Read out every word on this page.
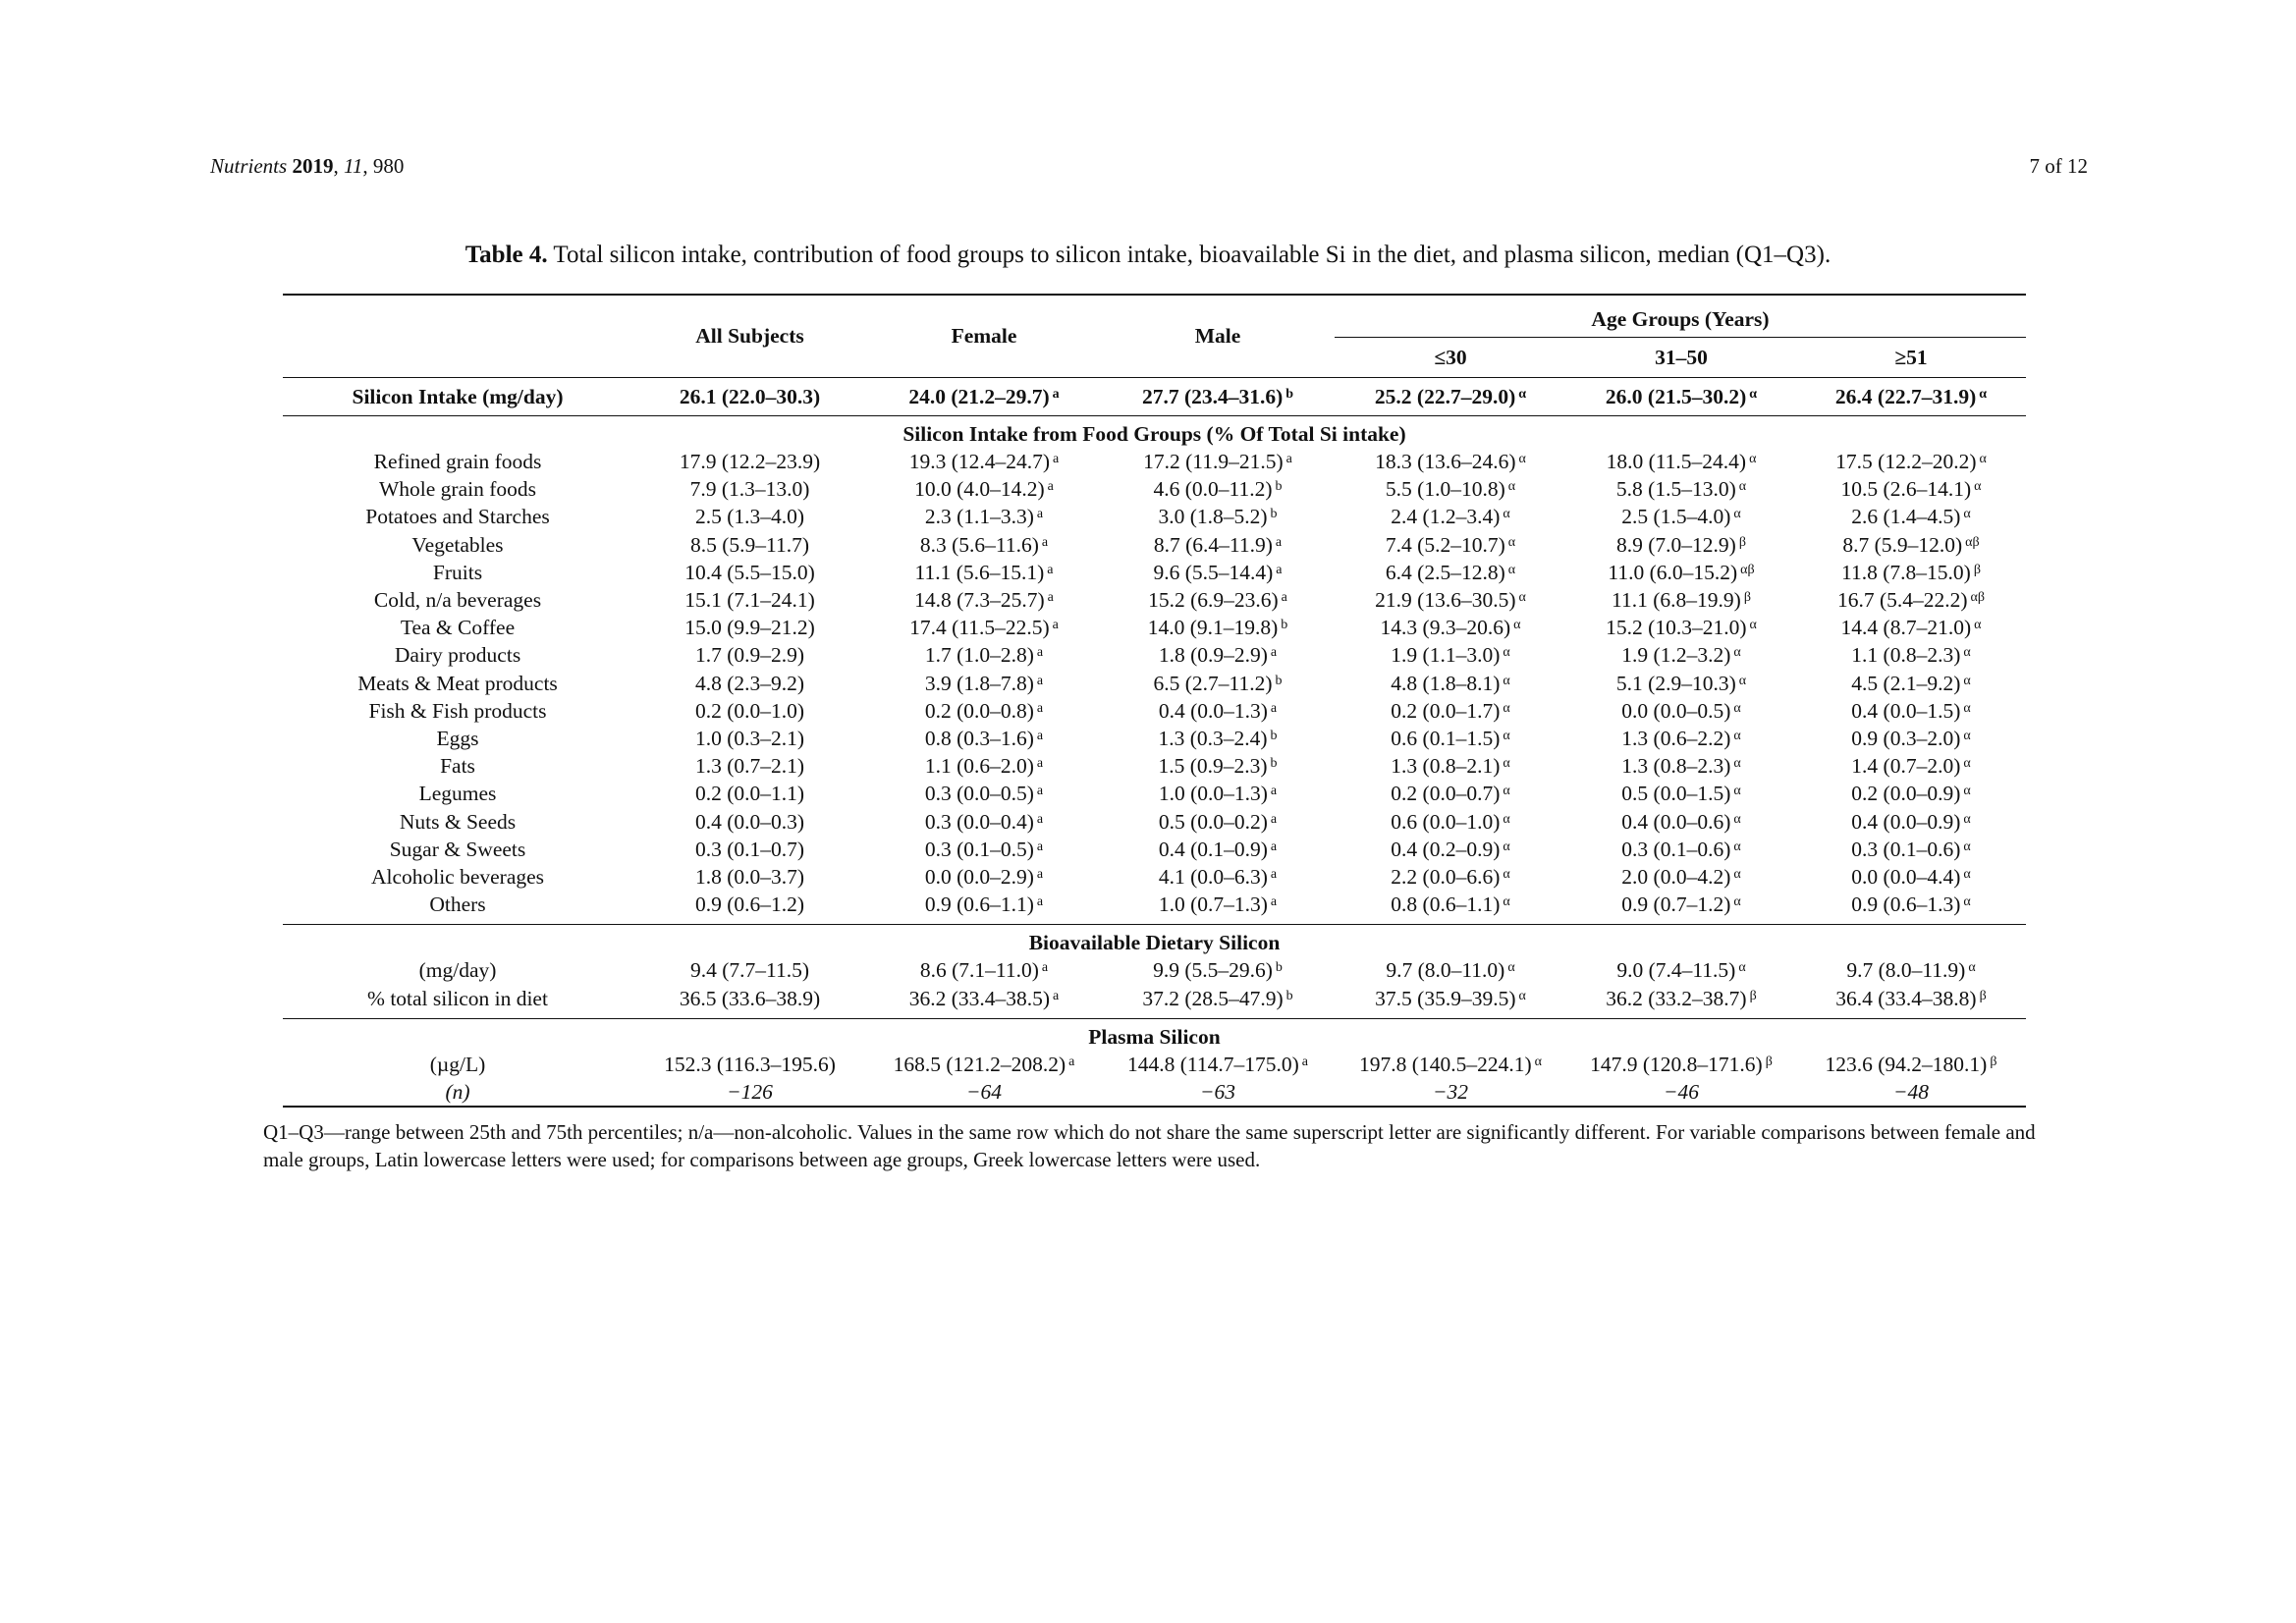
Nutrients 2019, 11, 980	7 of 12
Table 4. Total silicon intake, contribution of food groups to silicon intake, bioavailable Si in the diet, and plasma silicon, median (Q1–Q3).
	All Subjects	Female	Male	Age Groups (Years)		
				≤30	31–50	≥51
Silicon Intake (mg/day)	26.1 (22.0–30.3)	24.0 (21.2–29.7) $^a$	27.7 (23.4–31.6) $^b$	25.2 (22.7–29.0) $^\alpha$	26.0 (21.5–30.2) $^\alpha$	26.4 (22.7–31.9) $^\alpha$
Silicon Intake from Food Groups (% Of Total Si intake)						
Refined grain foods	17.9 (12.2–23.9)	19.3 (12.4–24.7) $^a$	17.2 (11.9–21.5) $^a$	18.3 (13.6–24.6) $^\alpha$	18.0 (11.5–24.4) $^\alpha$	17.5 (12.2–20.2) $^\alpha$
Whole grain foods	7.9 (1.3–13.0)	10.0 (4.0–14.2) $^a$	4.6 (0.0–11.2) $^b$	5.5 (1.0–10.8) $^\alpha$	5.8 (1.5–13.0) $^\alpha$	10.5 (2.6–14.1) $^\alpha$
Potatoes and Starches	2.5 (1.3–4.0)	2.3 (1.1–3.3) $^a$	3.0 (1.8–5.2) $^b$	2.4 (1.2–3.4) $^\alpha$	2.5 (1.5–4.0) $^\alpha$	2.6 (1.4–4.5) $^\alpha$
Vegetables	8.5 (5.9–11.7)	8.3 (5.6–11.6) $^a$	8.7 (6.4–11.9) $^a$	7.4 (5.2–10.7) $^\alpha$	8.9 (7.0–12.9) $^\beta$	8.7 (5.9–12.0) $^{\alpha\beta}$
Fruits	10.4 (5.5–15.0)	11.1 (5.6–15.1) $^a$	9.6 (5.5–14.4) $^a$	6.4 (2.5–12.8) $^\alpha$	11.0 (6.0–15.2) $^{\alpha\beta}$	11.8 (7.8–15.0) $^\beta$
Cold, n/a beverages	15.1 (7.1–24.1)	14.8 (7.3–25.7) $^a$	15.2 (6.9–23.6) $^a$	21.9 (13.6–30.5) $^\alpha$	11.1 (6.8–19.9) $^\beta$	16.7 (5.4–22.2) $^{\alpha\beta}$
Tea & Coffee	15.0 (9.9–21.2)	17.4 (11.5–22.5) $^a$	14.0 (9.1–19.8) $^b$	14.3 (9.3–20.6) $^\alpha$	15.2 (10.3–21.0) $^\alpha$	14.4 (8.7–21.0) $^\alpha$
Dairy products	1.7 (0.9–2.9)	1.7 (1.0–2.8) $^a$	1.8 (0.9–2.9) $^a$	1.9 (1.1–3.0) $^\alpha$	1.9 (1.2–3.2) $^\alpha$	1.1 (0.8–2.3) $^\alpha$
Meats & Meat products	4.8 (2.3–9.2)	3.9 (1.8–7.8) $^a$	6.5 (2.7–11.2) $^b$	4.8 (1.8–8.1) $^\alpha$	5.1 (2.9–10.3) $^\alpha$	4.5 (2.1–9.2) $^\alpha$
Fish & Fish products	0.2 (0.0–1.0)	0.2 (0.0–0.8) $^a$	0.4 (0.0–1.3) $^a$	0.2 (0.0–1.7) $^\alpha$	0.0 (0.0–0.5) $^\alpha$	0.4 (0.0–1.5) $^\alpha$
Eggs	1.0 (0.3–2.1)	0.8 (0.3–1.6) $^a$	1.3 (0.3–2.4) $^b$	0.6 (0.1–1.5) $^\alpha$	1.3 (0.6–2.2) $^\alpha$	0.9 (0.3–2.0) $^\alpha$
Fats	1.3 (0.7–2.1)	1.1 (0.6–2.0) $^a$	1.5 (0.9–2.3) $^b$	1.3 (0.8–2.1) $^\alpha$	1.3 (0.8–2.3) $^\alpha$	1.4 (0.7–2.0) $^\alpha$
Legumes	0.2 (0.0–1.1)	0.3 (0.0–0.5) $^a$	1.0 (0.0–1.3) $^a$	0.2 (0.0–0.7) $^\alpha$	0.5 (0.0–1.5) $^\alpha$	0.2 (0.0–0.9) $^\alpha$
Nuts & Seeds	0.4 (0.0–0.3)	0.3 (0.0–0.4) $^a$	0.5 (0.0–0.2) $^a$	0.6 (0.0–1.0) $^\alpha$	0.4 (0.0–0.6) $^\alpha$	0.4 (0.0–0.9) $^\alpha$
Sugar & Sweets	0.3 (0.1–0.7)	0.3 (0.1–0.5) $^a$	0.4 (0.1–0.9) $^a$	0.4 (0.2–0.9) $^\alpha$	0.3 (0.1–0.6) $^\alpha$	0.3 (0.1–0.6) $^\alpha$
Alcoholic beverages	1.8 (0.0–3.7)	0.0 (0.0–2.9) $^a$	4.1 (0.0–6.3) $^a$	2.2 (0.0–6.6) $^\alpha$	2.0 (0.0–4.2) $^\alpha$	0.0 (0.0–4.4) $^\alpha$
Others	0.9 (0.6–1.2)	0.9 (0.6–1.1) $^a$	1.0 (0.7–1.3) $^a$	0.8 (0.6–1.1) $^\alpha$	0.9 (0.7–1.2) $^\alpha$	0.9 (0.6–1.3) $^\alpha$

Bioavailable Dietary Silicon						
(mg/day)	9.4 (7.7–11.5)	8.6 (7.1–11.0) $^a$	9.9 (5.5–29.6) $^b$	9.7 (8.0–11.0) $^\alpha$	9.0 (7.4–11.5) $^\alpha$	9.7 (8.0–11.9) $^\alpha$
% total silicon in diet	36.5 (33.6–38.9)	36.2 (33.4–38.5) $^a$	37.2 (28.5–47.9) $^b$	37.5 (35.9–39.5) $^\alpha$	36.2 (33.2–38.7) $^\beta$	36.4 (33.4–38.8) $^\beta$

Plasma Silicon						
(µg/L)	152.3 (116.3–195.6)	168.5 (121.2–208.2) $^a$	144.8 (114.7–175.0) $^a$	197.8 (140.5–224.1) $^\alpha$	147.9 (120.8–171.6) $^\beta$	123.6 (94.2–180.1) $^\beta$
(n)	−126	−64	−63	−32	−46	−48
Q1–Q3—range between 25th and 75th percentiles; n/a—non-alcoholic. Values in the same row which do not share the same superscript letter are significantly different. For variable comparisons between female and male groups, Latin lowercase letters were used; for comparisons between age groups, Greek lowercase letters were used.
